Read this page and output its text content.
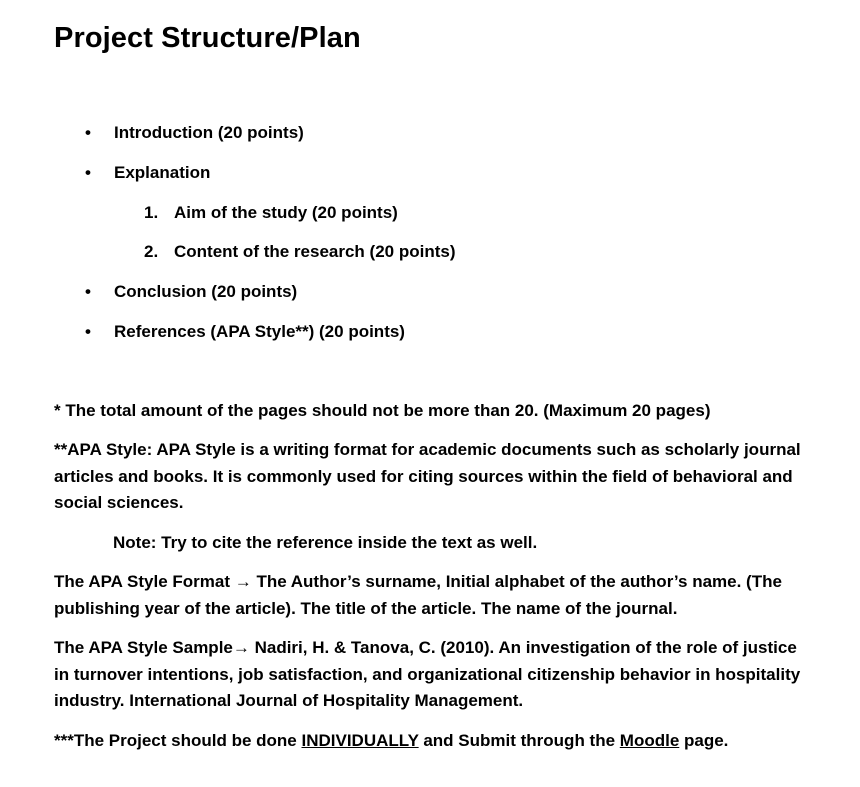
Project Structure/Plan
• Introduction (20 points)
• Explanation
1. Aim of the study (20 points)
2. Content of the research (20 points)
• Conclusion (20 points)
• References (APA Style**) (20 points)
* The total amount of the pages should not be more than 20. (Maximum 20 pages)
**APA Style: APA Style is a writing format for academic documents such as scholarly journal articles and books. It is commonly used for citing sources within the field of behavioral and social sciences.
Note: Try to cite the reference inside the text as well.
The APA Style Format → The Author’s surname, Initial alphabet of the author’s name. (The publishing year of the article). The title of the article. The name of the journal.
The APA Style Sample→ Nadiri, H. & Tanova, C. (2010). An investigation of the role of justice in turnover intentions, job satisfaction, and organizational citizenship behavior in hospitality industry. International Journal of Hospitality Management.
***The Project should be done INDIVIDUALLY and Submit through the Moodle page.
